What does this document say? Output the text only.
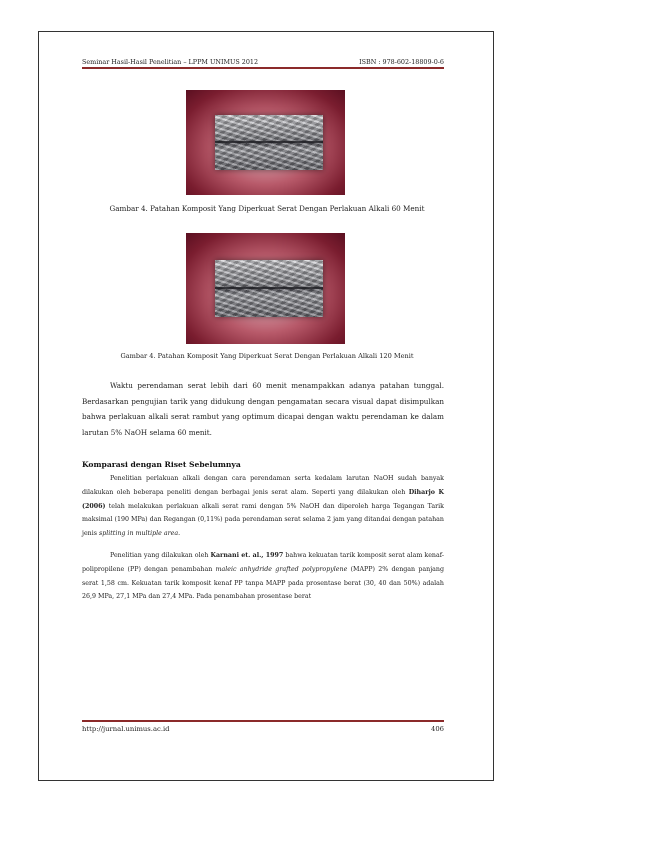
Seminar Hasil-Hasil Penelitian – LPPM UNIMUS 2012	ISBN : 978-602-18809-0-6
Gambar 4. Patahan Komposit Yang Diperkuat Serat Dengan Perlakuan Alkali 60 Menit
Gambar 4. Patahan Komposit Yang Diperkuat Serat Dengan Perlakuan Alkali 120 Menit

Waktu perendaman serat lebih dari 60 menit menampakkan adanya patahan tunggal. Berdasarkan pengujian tarik yang didukung dengan pengamatan secara visual dapat disimpulkan bahwa perlakuan alkali serat rambut yang optimum dicapai dengan waktu perendaman ke dalam larutan 5% NaOH selama 60 menit.

Komparasi dengan Riset Sebelumnya

Penelitian perlakuan alkali dengan cara perendaman serta kedalam larutan NaOH sudah banyak dilakukan oleh beberapa peneliti dengan berbagai jenis serat alam. Seperti yang dilakukan oleh Diharjo K (2006) telah melakukan perlakuan alkali serat rami dengan 5% NaOH dan diperoleh harga Tegangan Tarik maksimal (190 MPa) dan Regangan (0,11%) pada perendaman serat selama 2 jam yang ditandai dengan patahan jenis splitting in multiple area.

Penelitian yang dilakukan oleh Karnani et. al., 1997 bahwa kekuatan tarik komposit serat alam kenaf-polipropilene (PP) dengan penambahan maleic anhydride grafted polypropylene (MAPP) 2% dengan panjang serat 1,58 cm. Kekuatan tarik komposit kenaf PP tanpa MAPP pada prosentase berat (30, 40 dan 50%) adalah 26,9 MPa, 27,1 MPa dan 27,4 MPa. Pada penambahan prosentase berat

http://jurnal.unimus.ac.id	406
